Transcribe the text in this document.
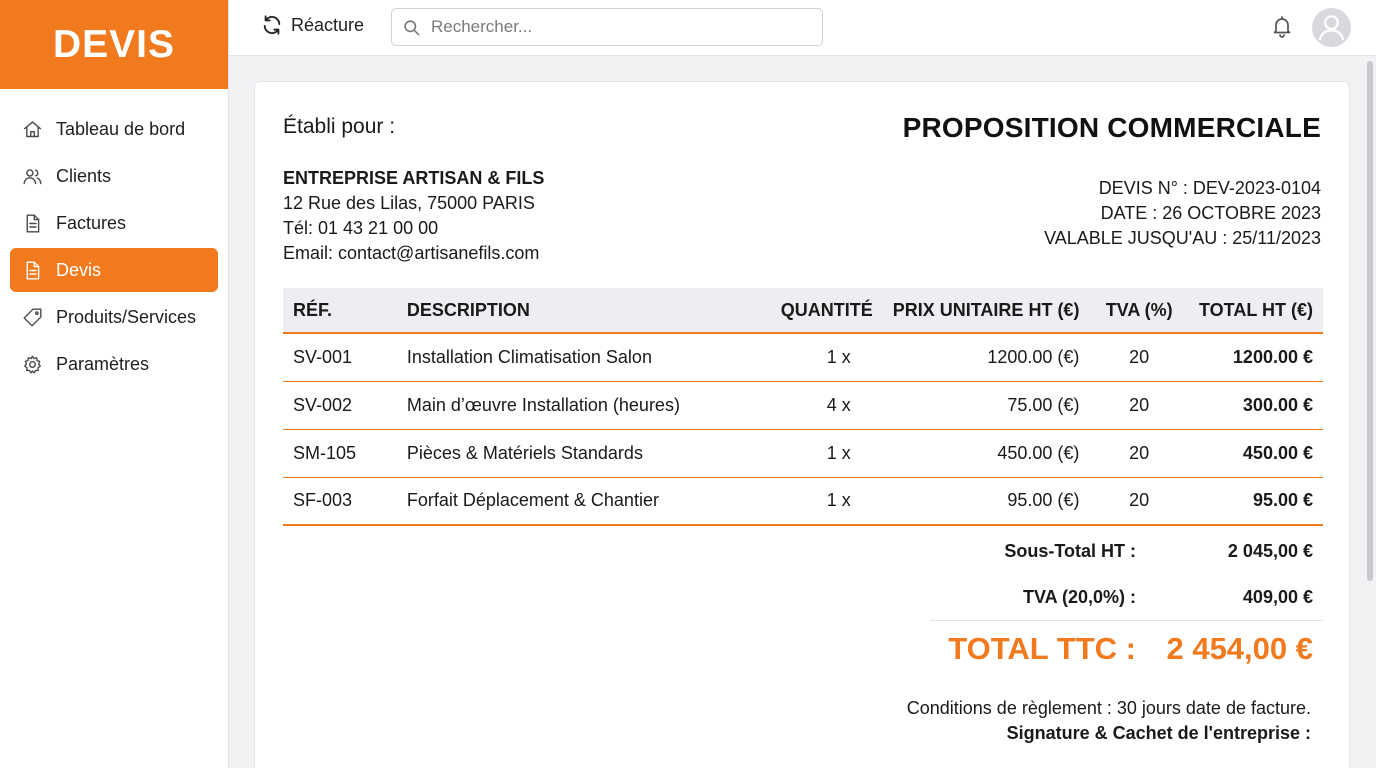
DEVIS
Tableau de bord
Clients
Factures
Devis
Produits/Services
Paramètres
Réacture
Rechercher...
Établi pour :	PROPOSITION COMMERCIALE
ENTREPRISE ARTISAN & FILS
12 Rue des Lilas, 75000 PARIS
Tél: 01 43 21 00 00
Email: contact@artisanefils.com
DEVIS N° : DEV-2023-0104
DATE : 26 OCTOBRE 2023
VALABLE JUSQU'AU : 25/11/2023
RÉF.	DESCRIPTION	QUANTITÉ	PRIX UNITAIRE HT (€)	TVA (%)	TOTAL HT (€)
SV-001	Installation Climatisation Salon	1 x	1200.00 (€)	20	1200.00 €
SV-002	Main d’œuvre Installation (heures)	4 x	75.00 (€)	20	300.00 €
SM-105	Pièces & Matériels Standards	1 x	450.00 (€)	20	450.00 €
SF-003	Forfait Déplacement & Chantier	1 x	95.00 (€)	20	95.00 €
Sous-Total HT :	2 045,00 €
TVA (20,0%) :	409,00 €
TOTAL TTC : 2 454,00 €
Conditions de règlement : 30 jours date de facture.
Signature & Cachet de l'entreprise :
